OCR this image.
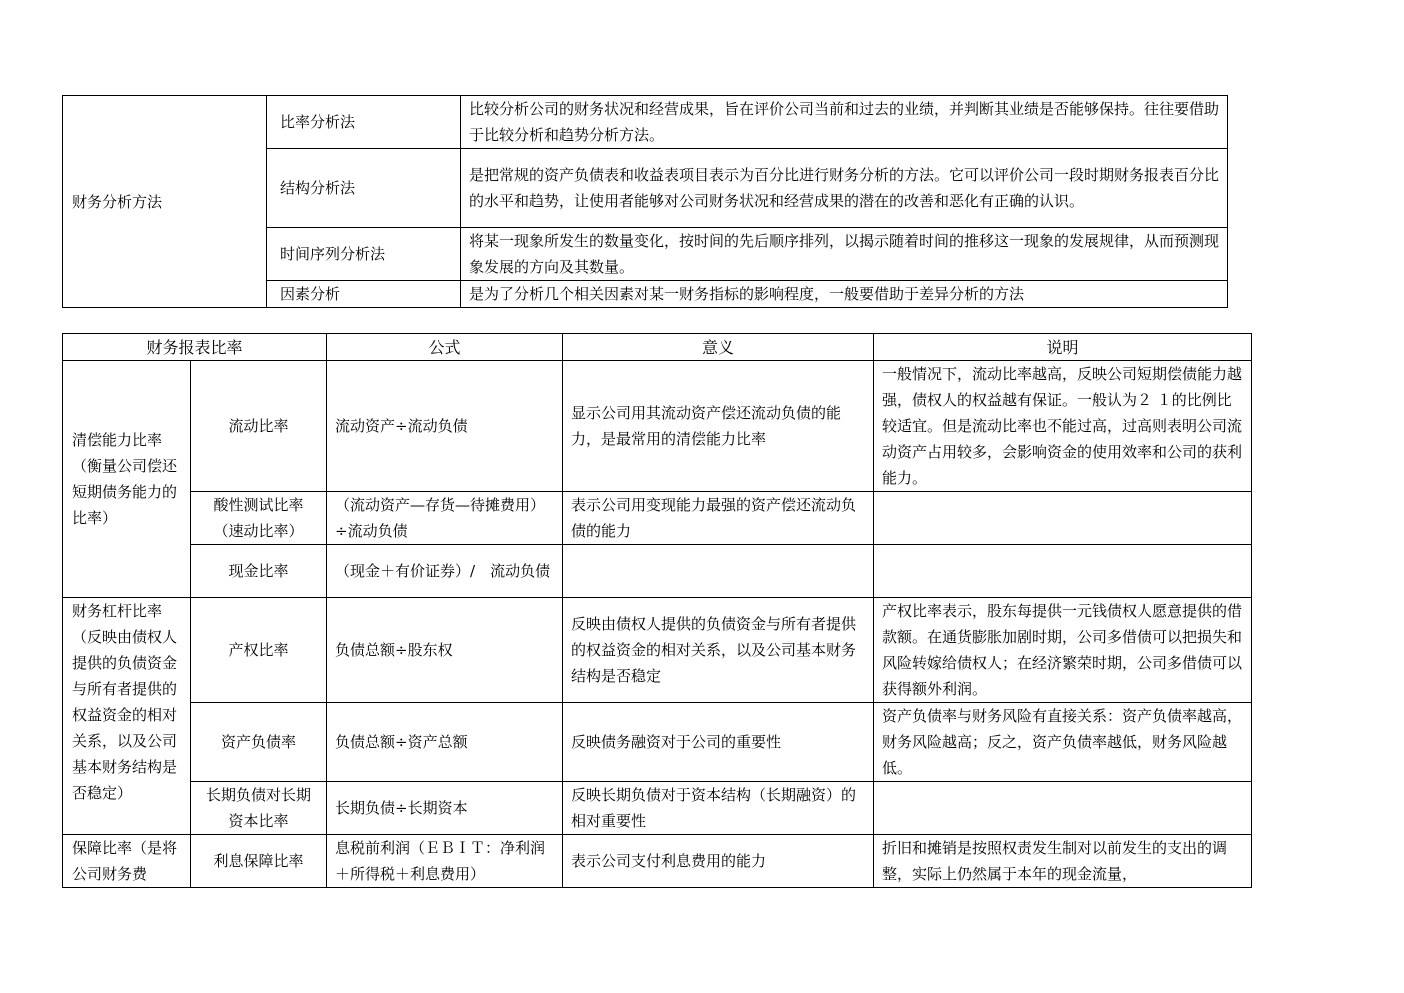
财务分析方法	比率分析法	比较分析公司的财务状况和经营成果，旨在评价公司当前和过去的业绩，并判断其业绩是否能够保持。往往要借助于比较分析和趋势分析方法。
	结构分析法	是把常规的资产负债表和收益表项目表示为百分比进行财务分析的方法。它可以评价公司一段时期财务报表百分比的水平和趋势，让使用者能够对公司财务状况和经营成果的潜在的改善和恶化有正确的认识。
	时间序列分析法	将某一现象所发生的数量变化，按时间的先后顺序排列，以揭示随着时间的推移这一现象的发展规律，从而预测现象发展的方向及其数量。
	因素分析	是为了分析几个相关因素对某一财务指标的影响程度，一般要借助于差异分析的方法
财务报表比率		公式	意义	说明
清偿能力比率（衡量公司偿还短期债务能力的比率）	流动比率	流动资产÷流动负债	显示公司用其流动资产偿还流动负债的能力，是最常用的清偿能力比率	一般情况下，流动比率越高，反映公司短期偿债能力越强，债权人的权益越有保证。一般认为２ １的比例比较适宜。但是流动比率也不能过高，过高则表明公司流动资产占用较多，会影响资金的使用效率和公司的获利能力。
	酸性测试比率（速动比率）	（流动资产—存货—待摊费用）÷流动负债	表示公司用变现能力最强的资产偿还流动负债的能力	
	现金比率	（现金＋有价证券）/　流动负债		
财务杠杆比率（反映由债权人提供的负债资金与所有者提供的权益资金的相对关系，以及公司基本财务结构是否稳定）	产权比率	负债总额÷股东权	反映由债权人提供的负债资金与所有者提供的权益资金的相对关系，以及公司基本财务结构是否稳定	产权比率表示，股东每提供一元钱债权人愿意提供的借款额。在通货膨胀加剧时期，公司多借债可以把损失和风险转嫁给债权人；在经济繁荣时期，公司多借债可以获得额外利润。
	资产负债率	负债总额÷资产总额	反映债务融资对于公司的重要性	资产负债率与财务风险有直接关系：资产负债率越高，财务风险越高；反之，资产负债率越低，财务风险越低。
	长期负债对长期资本比率	长期负债÷长期资本	反映长期负债对于资本结构（长期融资）的相对重要性	
保障比率（是将公司财务费	利息保障比率	息税前利润（ＥＢＩＴ：净利润＋所得税＋利息费用）	表示公司支付利息费用的能力	折旧和摊销是按照权责发生制对以前发生的支出的调整，实际上仍然属于本年的现金流量，
